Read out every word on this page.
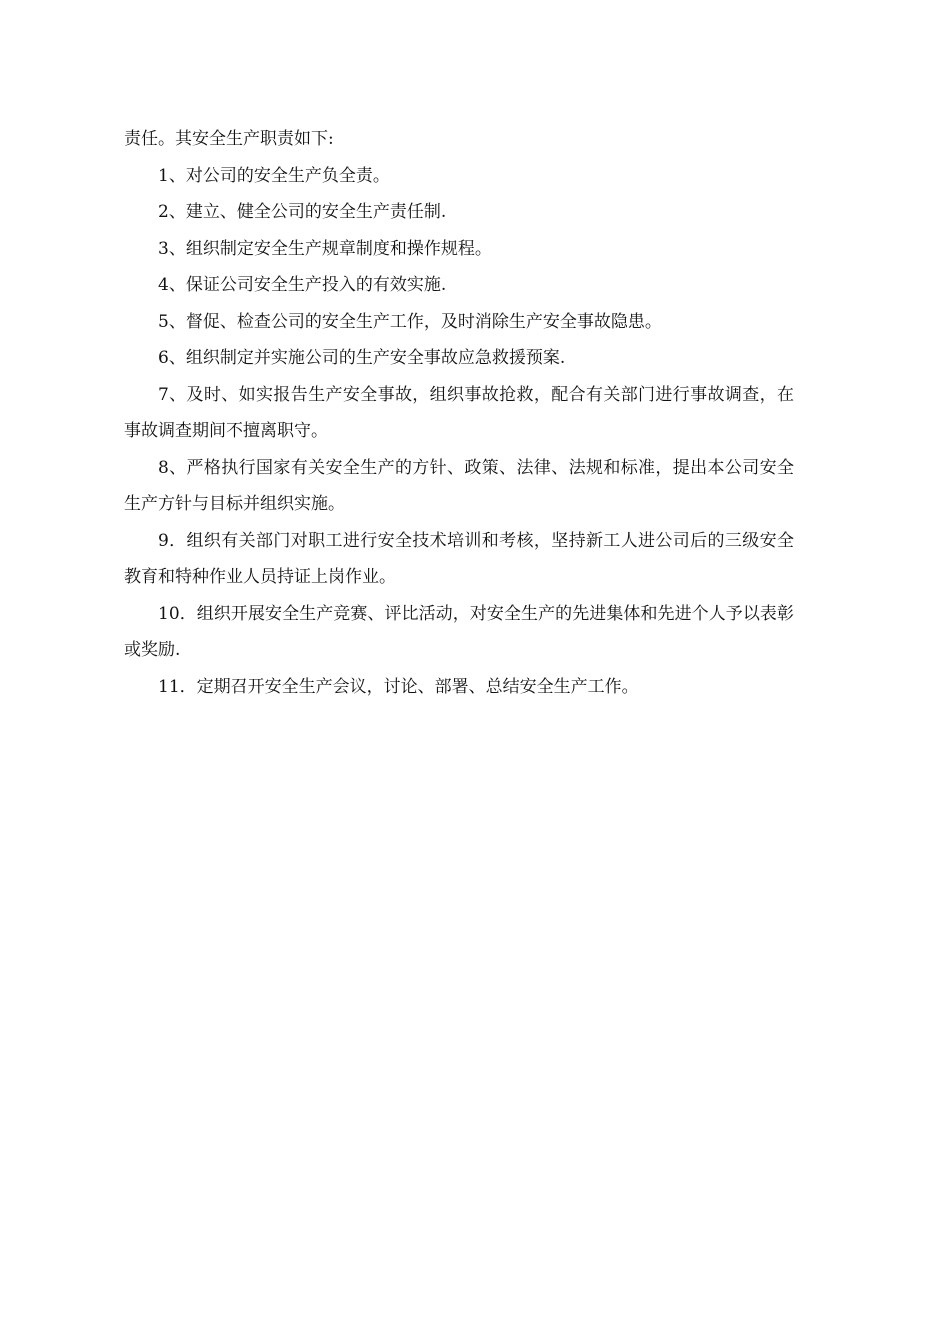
责任。其安全生产职责如下:

1、对公司的安全生产负全责。

2、建立、健全公司的安全生产责任制.

3、组织制定安全生产规章制度和操作规程。

4、保证公司安全生产投入的有效实施.

5、督促、检查公司的安全生产工作，及时消除生产安全事故隐患。

6、组织制定并实施公司的生产安全事故应急救援预案.

7、及时、如实报告生产安全事故，组织事故抢救，配合有关部门进行事故调查，在事故调查期间不擅离职守。

8、严格执行国家有关安全生产的方针、政策、法律、法规和标准，提出本公司安全生产方针与目标并组织实施。

9．组织有关部门对职工进行安全技术培训和考核，坚持新工人进公司后的三级安全教育和特种作业人员持证上岗作业。

10．组织开展安全生产竞赛、评比活动，对安全生产的先进集体和先进个人予以表彰或奖励.

11．定期召开安全生产会议，讨论、部署、总结安全生产工作。
